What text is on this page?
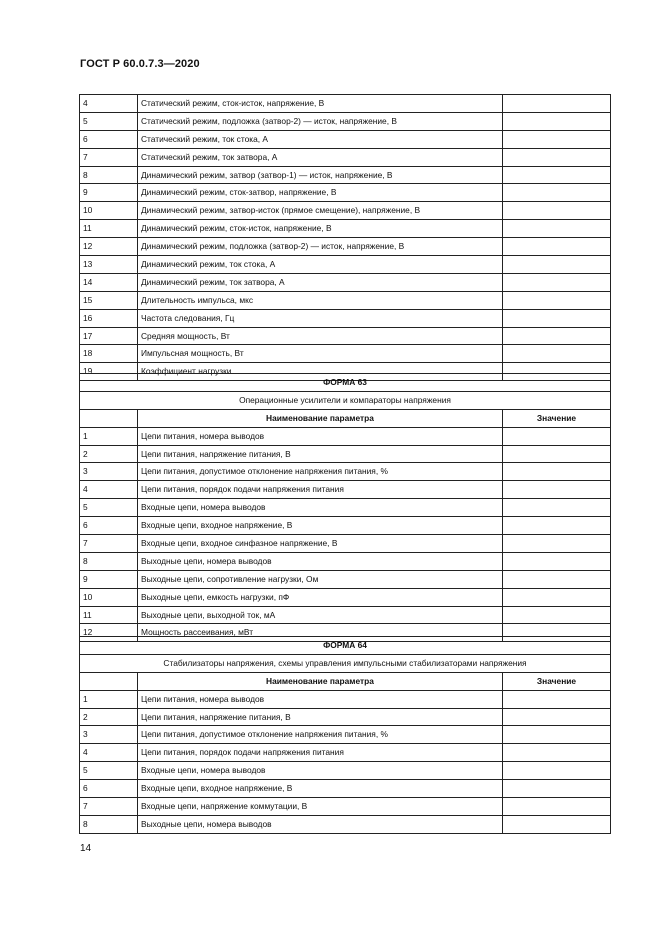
ГОСТ Р 60.0.7.3—2020
4	Статический режим, сток-исток, напряжение, В	
5	Статический режим, подложка (затвор-2) — исток, напряжение, В	
6	Статический режим, ток стока, А	
7	Статический режим, ток затвора, А	
8	Динамический режим, затвор (затвор-1) — исток, напряжение, В	
9	Динамический режим, сток-затвор, напряжение, В	
10	Динамический режим, затвор-исток (прямое смещение), напряжение, В	
11	Динамический режим, сток-исток, напряжение, В	
12	Динамический режим, подложка (затвор-2) — исток, напряжение, В	
13	Динамический режим, ток стока, А	
14	Динамический режим, ток затвора, А	
15	Длительность импульса, мкс	
16	Частота следования, Гц	
17	Средняя мощность, Вт	
18	Импульсная мощность, Вт	
19	Коэффициент нагрузки	
ФОРМА 63		
Операционные усилители и компараторы напряжения		
	Наименование параметра	Значение
1	Цепи питания, номера выводов	
2	Цепи питания, напряжение питания, В	
3	Цепи питания, допустимое отклонение напряжения питания, %	
4	Цепи питания, порядок подачи напряжения питания	
5	Входные цепи, номера выводов	
6	Входные цепи, входное напряжение, В	
7	Входные цепи, входное синфазное напряжение, В	
8	Выходные цепи, номера выводов	
9	Выходные цепи, сопротивление нагрузки, Ом	
10	Выходные цепи, емкость нагрузки, пФ	
11	Выходные цепи, выходной ток, мА	
12	Мощность рассеивания, мВт	
ФОРМА 64		
Стабилизаторы напряжения, схемы управления импульсными стабилизаторами напряжения		
	Наименование параметра	Значение
1	Цепи питания, номера выводов	
2	Цепи питания, напряжение питания, В	
3	Цепи питания, допустимое отклонение напряжения питания, %	
4	Цепи питания, порядок подачи напряжения питания	
5	Входные цепи, номера выводов	
6	Входные цепи, входное напряжение, В	
7	Входные цепи, напряжение коммутации, В	
8	Выходные цепи, номера выводов	
14
